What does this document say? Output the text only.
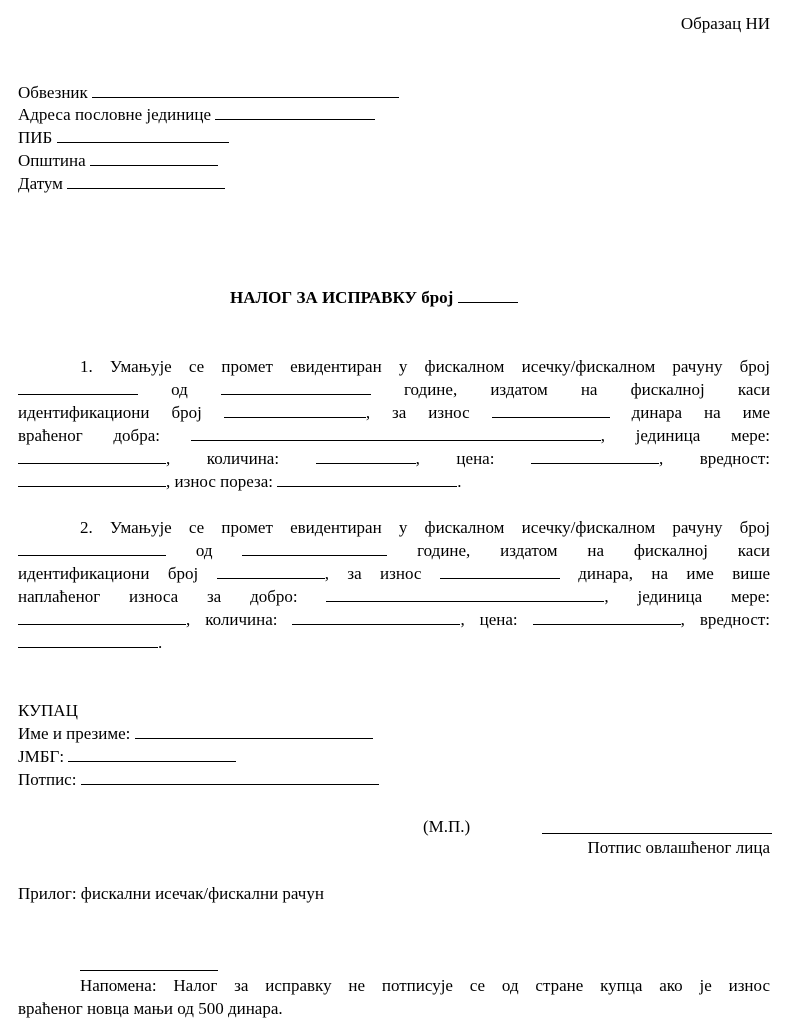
Образац НИ
Обвезник
Адреса пословне јединице
ПИБ
Општина
Датум
НАЛОГ ЗА ИСПРАВКУ број
1. Умањује се промет евидентиран у фискалном исечку/фискалном рачуну број
од	године, издатом на фискалној каси
идентификациони број	, за износ	динара на име
враћеног добра:	, јединица мере:
, количина:	, цена:	, вредност:
, износ пореза:	.
2. Умањује се промет евидентиран у фискалном исечку/фискалном рачуну број
од	године, издатом на фискалној каси
идентификациони број	, за износ	динара, на име више
наплаћеног износа за добро:	, јединица мере:
, количина:	, цена:	, вредност:
.
КУПАЦ
Име и презиме:
ЈМБГ:
Потпис:
(М.П.)
Потпис овлашћеног лица
Прилог: фискални исечак/фискални рачун
Напомена: Налог за исправку не потписује се од стране купца ако је износ
враћеног новца мањи од 500 динара.
